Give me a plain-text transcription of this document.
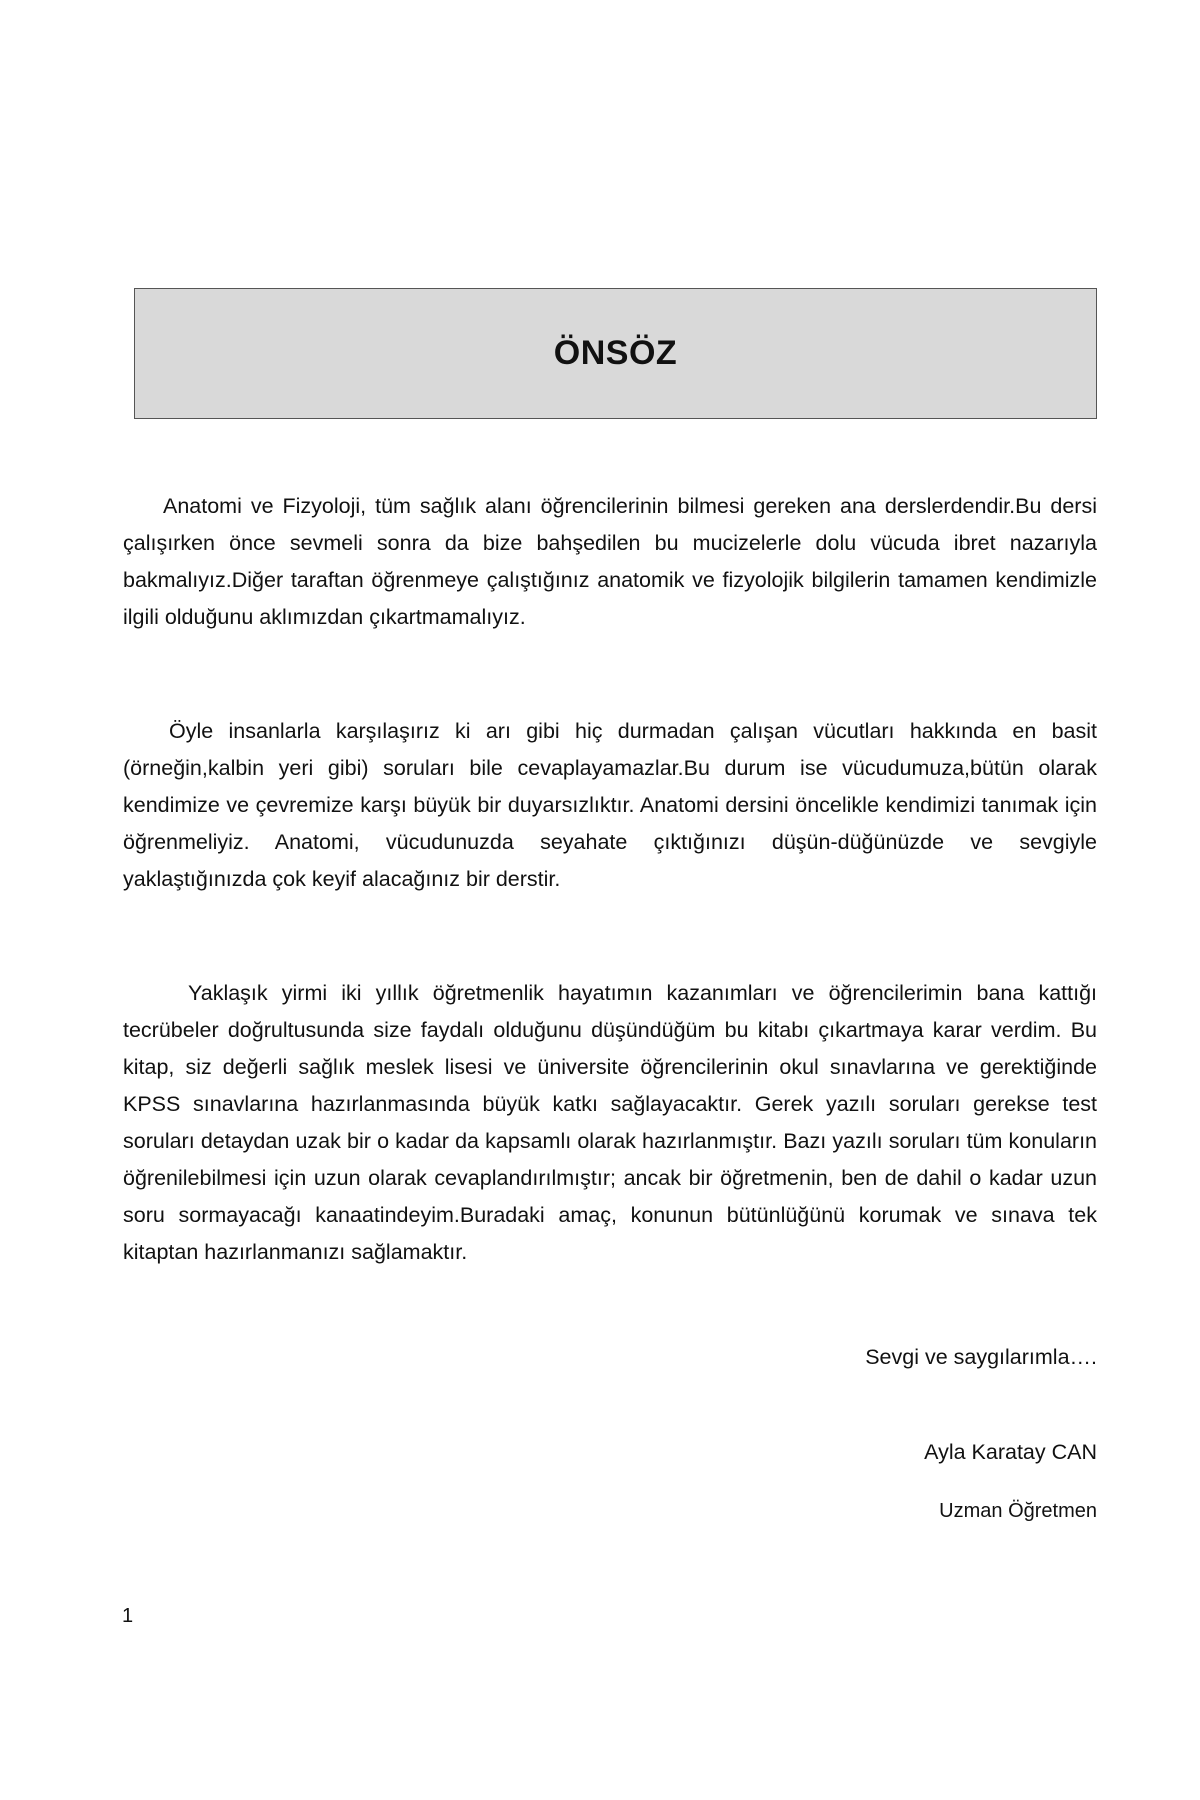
ÖNSÖZ

Anatomi ve Fizyoloji, tüm sağlık alanı öğrencilerinin bilmesi gereken ana derslerdendir.Bu dersi çalışırken önce sevmeli sonra da bize bahşedilen bu mucizelerle dolu vücuda ibret nazarıyla bakmalıyız.Diğer taraftan öğrenmeye çalıştığınız anatomik ve fizyolojik bilgilerin tamamen kendimizle ilgili olduğunu aklımızdan çıkartmamalıyız.

Öyle insanlarla karşılaşırız ki arı gibi hiç durmadan çalışan vücutları hakkında en basit (örneğin,kalbin yeri gibi) soruları bile cevaplayamazlar.Bu durum ise vücudumuza,bütün olarak kendimize ve çevremize karşı büyük bir duyarsızlıktır. Anatomi dersini öncelikle kendimizi tanımak için öğrenmeliyiz. Anatomi, vücudunuzda seyahate çıktığınızı düşün-düğünüzde ve sevgiyle yaklaştığınızda çok keyif alacağınız bir derstir.

Yaklaşık yirmi iki yıllık öğretmenlik hayatımın kazanımları ve öğrencilerimin bana kattığı tecrübeler doğrultusunda size faydalı olduğunu düşündüğüm bu kitabı çıkartmaya karar verdim. Bu kitap, siz değerli sağlık meslek lisesi ve üniversite öğrencilerinin okul sınavlarına ve gerektiğinde KPSS sınavlarına hazırlanmasında büyük katkı sağlayacaktır. Gerek yazılı soruları gerekse test soruları detaydan uzak bir o kadar da kapsamlı olarak hazırlanmıştır. Bazı yazılı soruları tüm konuların öğrenilebilmesi için uzun olarak cevaplandırılmıştır; ancak bir öğretmenin, ben de dahil o kadar uzun soru sormayacağı kanaatindeyim.Buradaki amaç, konunun bütünlüğünü korumak ve sınava tek kitaptan hazırlanmanızı sağlamaktır.

Sevgi ve saygılarımla….
Ayla Karatay CAN
Uzman Öğretmen
1
